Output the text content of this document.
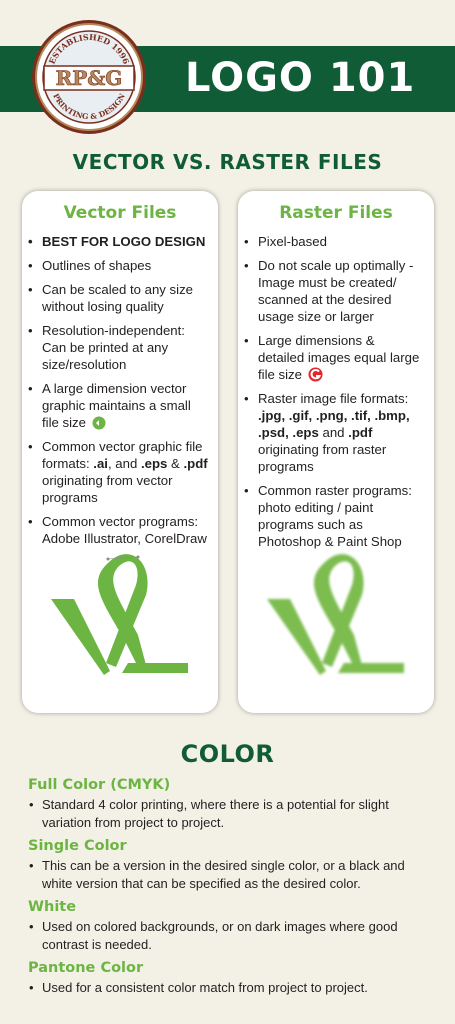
LOGO 101
ESTABLISHED 1996
PRINTING & DESIGN
RP&G
VECTOR VS. RASTER FILES
Vector Files
• BEST FOR LOGO DESIGN
• Outlines of shapes
• Can be scaled to any size without losing quality
• Resolution-independent: Can be printed at any size/resolution
• A large dimension vector graphic maintains a small file size
• Common vector graphic file formats: .ai, and .eps & .pdf originating from vector programs
• Common vector programs: Adobe Illustrator, CorelDraw
Raster Files
• Pixel-based
• Do not scale up optimally - Image must be created/ scanned at the desired usage size or larger
• Large dimensions & detailed images equal large file size
• Raster image file formats: .jpg, .gif, .png, .tif, .bmp, .psd, .eps and .pdf originating from raster programs
• Common raster programs: photo editing / paint programs such as Photoshop & Paint Shop
COLOR

Full Color (CMYK)

• Standard 4 color printing, where there is a potential for slight variation from project to project.

Single Color

• This can be a version in the desired single color, or a black and white version that can be specified as the desired color.

White

• Used on colored backgrounds, or on dark images where good contrast is needed.

Pantone Color

• Used for a consistent color match from project to project.
